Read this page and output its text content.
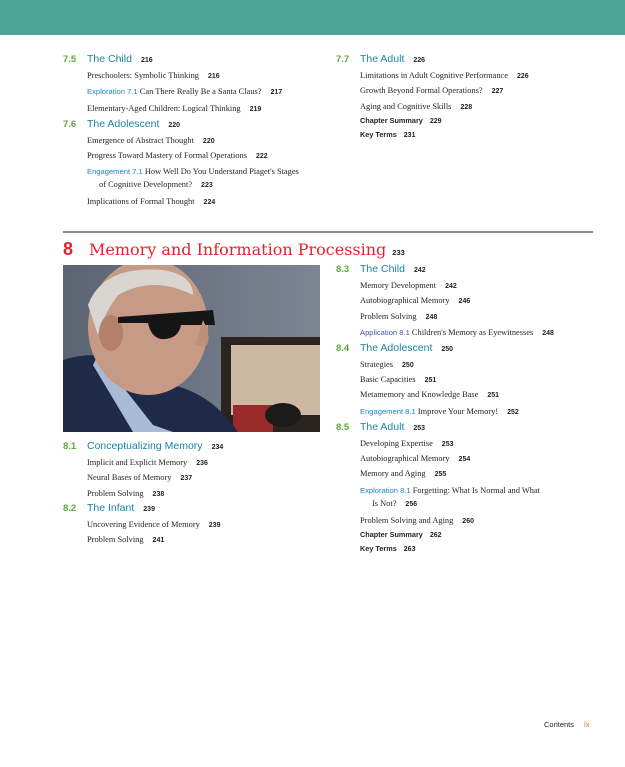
7.5	The Child 216
Preschoolers: Symbolic Thinking 216
Exploration 7.1 Can There Really Be a Santa Claus? 217
Elementary-Aged Children: Logical Thinking 219
7.6	The Adolescent 220
Emergence of Abstract Thought 220
Progress Toward Mastery of Formal Operations 222
Engagement 7.1 How Well Do You Understand Piaget's Stages
of Cognitive Development? 223
Implications of Formal Thought 224
7.7	The Adult 226
Limitations in Adult Cognitive Performance 226
Growth Beyond Formal Operations? 227
Aging and Cognitive Skills 228
Chapter Summary 229
Key Terms 231
8 Memory and Information Processing 233
8.1	Conceptualizing Memory 234
Implicit and Explicit Memory 236
Neural Bases of Memory 237
Problem Solving 238
8.2	The Infant 239
Uncovering Evidence of Memory 239
Problem Solving 241
8.3	The Child 242
Memory Development 242
Autobiographical Memory 246
Problem Solving 248
Application 8.1 Children's Memory as Eyewitnesses 248
8.4	The Adolescent 250
Strategies 250
Basic Capacities 251
Metamemory and Knowledge Base 251
Engagement 8.1 Improve Your Memory! 252
8.5	The Adult 253
Developing Expertise 253
Autobiographical Memory 254
Memory and Aging 255
Exploration 8.1 Forgetting: What Is Normal and What
Is Not? 256
Problem Solving and Aging 260
Chapter Summary 262
Key Terms 263
Contents ix
